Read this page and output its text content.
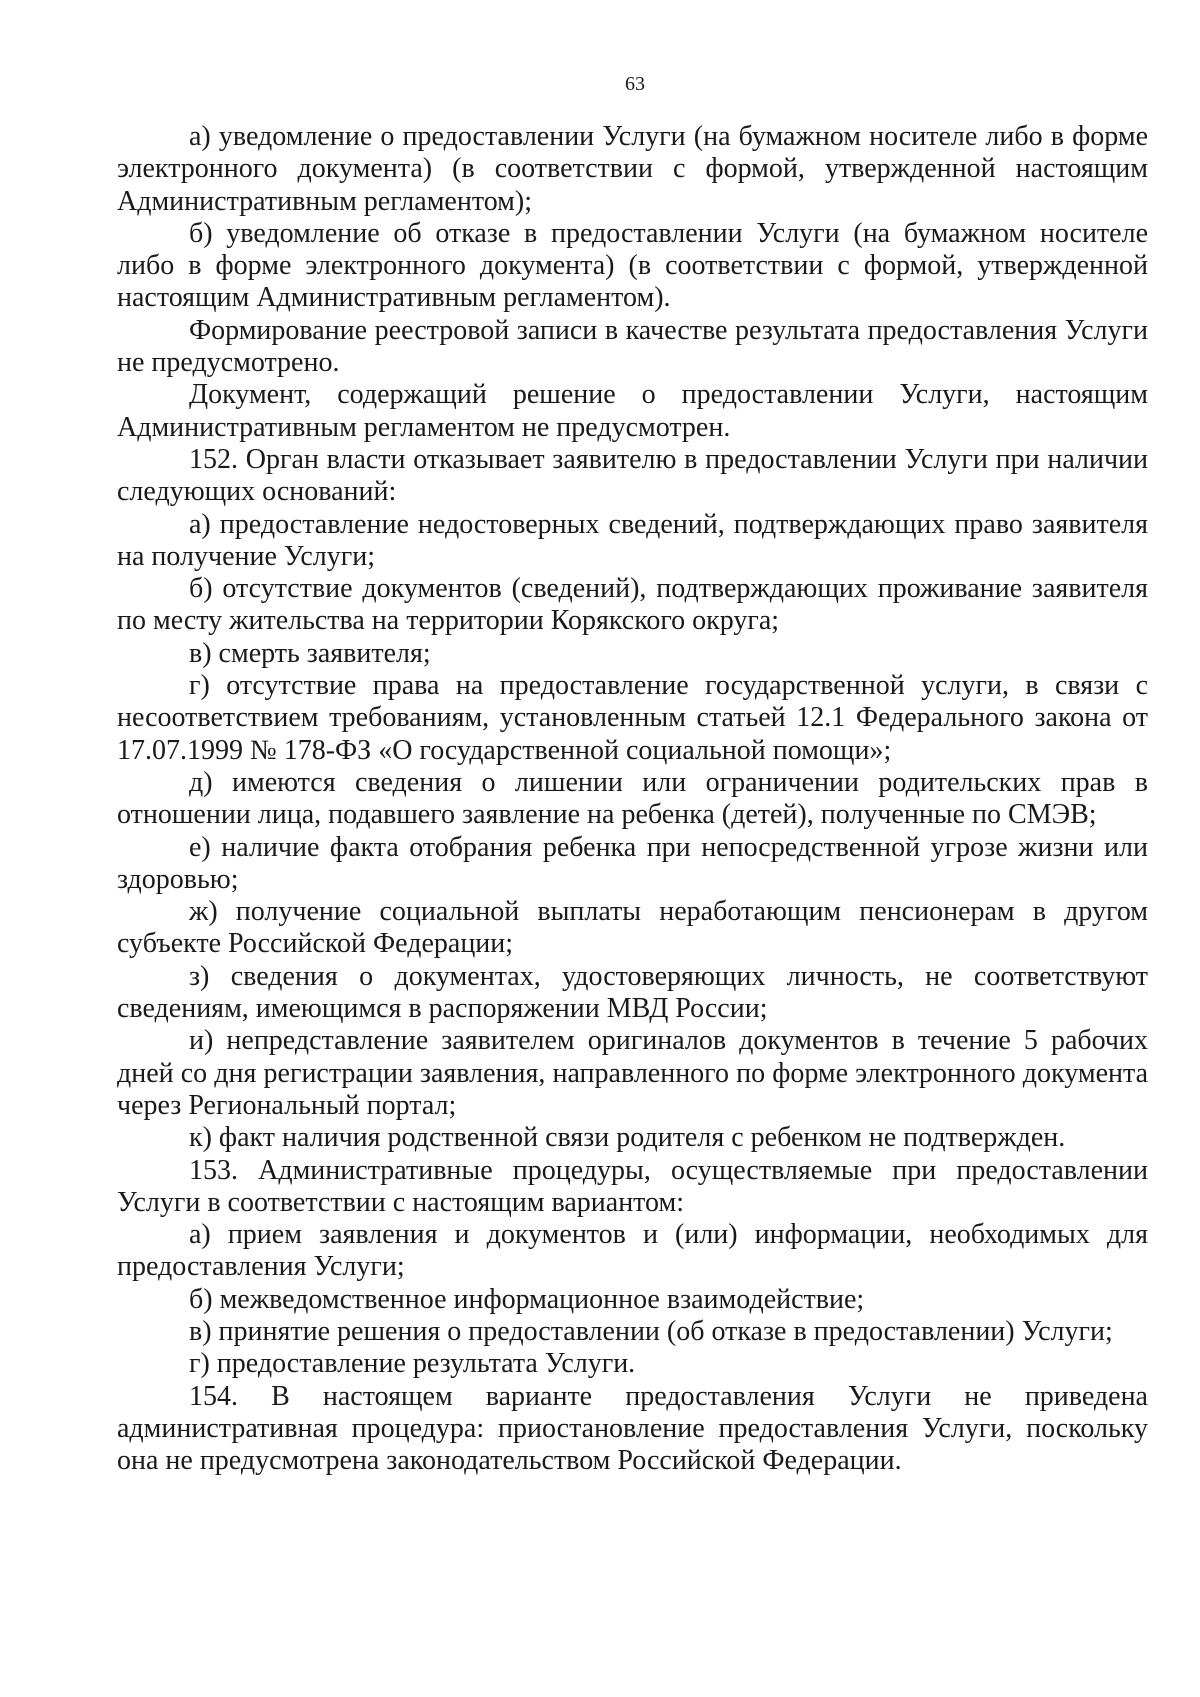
63

а) уведомление о предоставлении Услуги (на бумажном носителе либо в форме электронного документа) (в соответствии с формой, утвержденной настоящим Административным регламентом);

б) уведомление об отказе в предоставлении Услуги (на бумажном носителе либо в форме электронного документа) (в соответствии с формой, утвержденной настоящим Административным регламентом).

Формирование реестровой записи в качестве результата предоставления Услуги не предусмотрено.

Документ, содержащий решение о предоставлении Услуги, настоящим Административным регламентом не предусмотрен.

152. Орган власти отказывает заявителю в предоставлении Услуги при наличии следующих оснований:

а) предоставление недостоверных сведений, подтверждающих право заявителя на получение Услуги;

б) отсутствие документов (сведений), подтверждающих проживание заявителя по месту жительства на территории Корякского округа;

в) смерть заявителя;

г) отсутствие права на предоставление государственной услуги, в связи с несоответствием требованиям, установленным статьей 12.1 Федерального закона от 17.07.1999 № 178-ФЗ «О государственной социальной помощи»;

д) имеются сведения о лишении или ограничении родительских прав в отношении лица, подавшего заявление на ребенка (детей), полученные по СМЭВ;

е) наличие факта отобрания ребенка при непосредственной угрозе жизни или здоровью;

ж) получение социальной выплаты неработающим пенсионерам в другом субъекте Российской Федерации;

з) сведения о документах, удостоверяющих личность, не соответствуют сведениям, имеющимся в распоряжении МВД России;

и) непредставление заявителем оригиналов документов в течение 5 рабочих дней со дня регистрации заявления, направленного по форме электронного документа через Региональный портал;

к) факт наличия родственной связи родителя с ребенком не подтвержден.

153. Административные процедуры, осуществляемые при предоставлении Услуги в соответствии с настоящим вариантом:

а) прием заявления и документов и (или) информации, необходимых для предоставления Услуги;

б) межведомственное информационное взаимодействие;

в) принятие решения о предоставлении (об отказе в предоставлении) Услуги;

г) предоставление результата Услуги.

154. В настоящем варианте предоставления Услуги не приведена административная процедура: приостановление предоставления Услуги, поскольку она не предусмотрена законодательством Российской Федерации.
